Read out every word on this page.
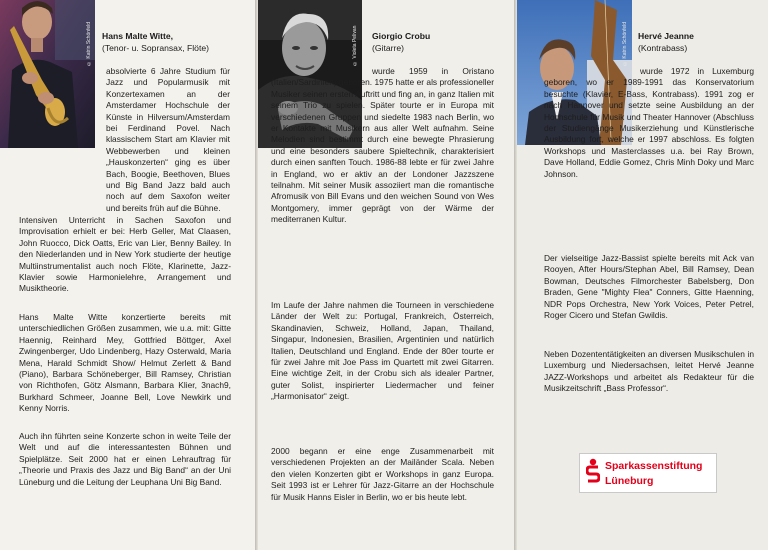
© Katrin Schönfeld Hans Malte Witte,
(Tenor- u. Sopransax, Flöte)

absolvierte 6 Jahre Studium für Jazz und Popularmusik mit Konzertexamen an der Amsterdamer Hochschule der Künste in Hilversum/Amsterdam bei Ferdinand Povel. Nach klassischem Start am Klavier mit Webbewerben und kleinen „Hauskonzerten“ ging es über Bach, Boogie, Beethoven, Blues und Big Band Jazz bald auch noch auf dem Saxofon weiter und bereits früh auf die Bühne.

© Violeta Pelivan Giorgio Crobu
(Gitarre)

wurde 1959 in Oristano (Italien/Sardinien) geboren. 1975 hatte er als professioneller Musiker seinen ersten Auftritt und fing an, in ganz Italien mit seinem Trio zu spielen. Später tourte er in Europa mit verschiedenen Gruppen und siedelte 1983 nach Berlin, wo er Kontakte mit Musikern aus aller Welt aufnahm. Seine Melodien sind bestimmt durch eine bewegte Phrasierung und eine besonders saubere Spieltechnik, charakterisiert durch einen sanften Touch. 1986-88 lebte er für zwei Jahre in England, wo er aktiv an der Londoner Jazzszene teilnahm. Mit seiner Musik assoziiert man die romantische Afromusik von Bill Evans und den weichen Sound von Wes Montgomery, immer geprägt von der Wärme der mediterranen Kultur.

Im Laufe der Jahre nahmen die Tourneen in verschiedene Länder der Welt zu: Portugal, Frankreich, Österreich, Skandinavien, Schweiz, Holland, Japan, Thailand, Singapur, Indonesien, Brasilien, Argentinien und natürlich Italien, Deutschland und England. Ende der 80er tourte er für zwei Jahre mit Joe Pass im Quartett mit zwei Gitarren. Eine wichtige Zeit, in der Crobu sich als idealer Partner, guter Solist, inspirierter Liedermacher und feiner „Harmonisator“ zeigt.

2000 begann er eine enge Zusammenarbeit mit verschiedenen Projekten an der Mailänder Scala. Neben den vielen Konzerten gibt er Workshops in ganz Europa. Seit 1993 ist er Lehrer für Jazz-Gitarre an der Hochschule für Musik Hanns Eisler in Berlin, wo er bis heute lebt.

© Katrin Schönfeld Hervé Jeanne
(Kontrabass)

wurde 1972 in Luxemburg geboren, wo er 1989-1991 das Konservatorium besuchte (Klavier, E-Bass, Kontrabass). 1991 zog er nach Hannover und setzte seine Ausbildung an der Hochschule für Musik und Theater Hannover (Abschluss der Studiengänge Musikerziehung und Künstlerische Ausbildung fort, welche er 1997 abschloss. Es folgten Workshops und Masterclasses u.a. bei Ray Brown, Dave Holland, Eddie Gomez, Chris Minh Doky und Marc Johnson.

Der vielseitige Jazz-Bassist spielte bereits mit Ack van Rooyen, After Hours/Stephan Abel, Bill Ramsey, Dean Bowman, Deutsches Filmorchester Babelsberg, Don Braden, Gene "Mighty Flea" Conners, Gitte Haenning, NDR Pops Orchestra, New York Voices, Peter Petrel, Roger Cicero und Stefan Gwildis.

Neben Dozententätigkeiten an diversen Musikschulen in Luxemburg und Niedersachsen, leitet Hervé Jeanne JAZZ-Workshops und arbeitet als Redakteur für die Musikzeitschrift „Bass Professor“.

Intensiven Unterricht in Sachen Saxofon und Improvisation erhielt er bei: Herb Geller, Mat Claasen, John Ruocco, Dick Oatts, Eric van Lier, Benny Bailey. In den Niederlanden und in New York studierte der heutige Multiinstrumentalist auch noch Flöte, Klarinette, Jazz-Klavier sowie Harmonielehre, Arrangement und Musiktheorie.

Hans Malte Witte konzertierte bereits mit unterschiedlichen Größen zusammen, wie u.a. mit: Gitte Haennig, Reinhard Mey, Gottfried Böttger, Axel Zwingenberger, Udo Lindenberg, Hazy Osterwald, Maria Mena, Harald Schmidt Show/ Helmut Zerlett & Band (Piano), Barbara Schöneberger, Bill Ramsey, Christian von Richthofen, Götz Alsmann, Barbara Klier, 3nach9, Burkhard Schmeer, Joanne Bell, Love Newkirk und Kenny Norris.

Auch ihn führten seine Konzerte schon in weite Teile der Welt und auf die interessantesten Bühnen und Spielplätze. Seit 2000 hat er einen Lehrauftrag für „Theorie und Praxis des Jazz und Big Band“ an der Uni Lüneburg und die Leitung der Leuphana Uni Big Band.

Sparkassenstiftung
Lüneburg
